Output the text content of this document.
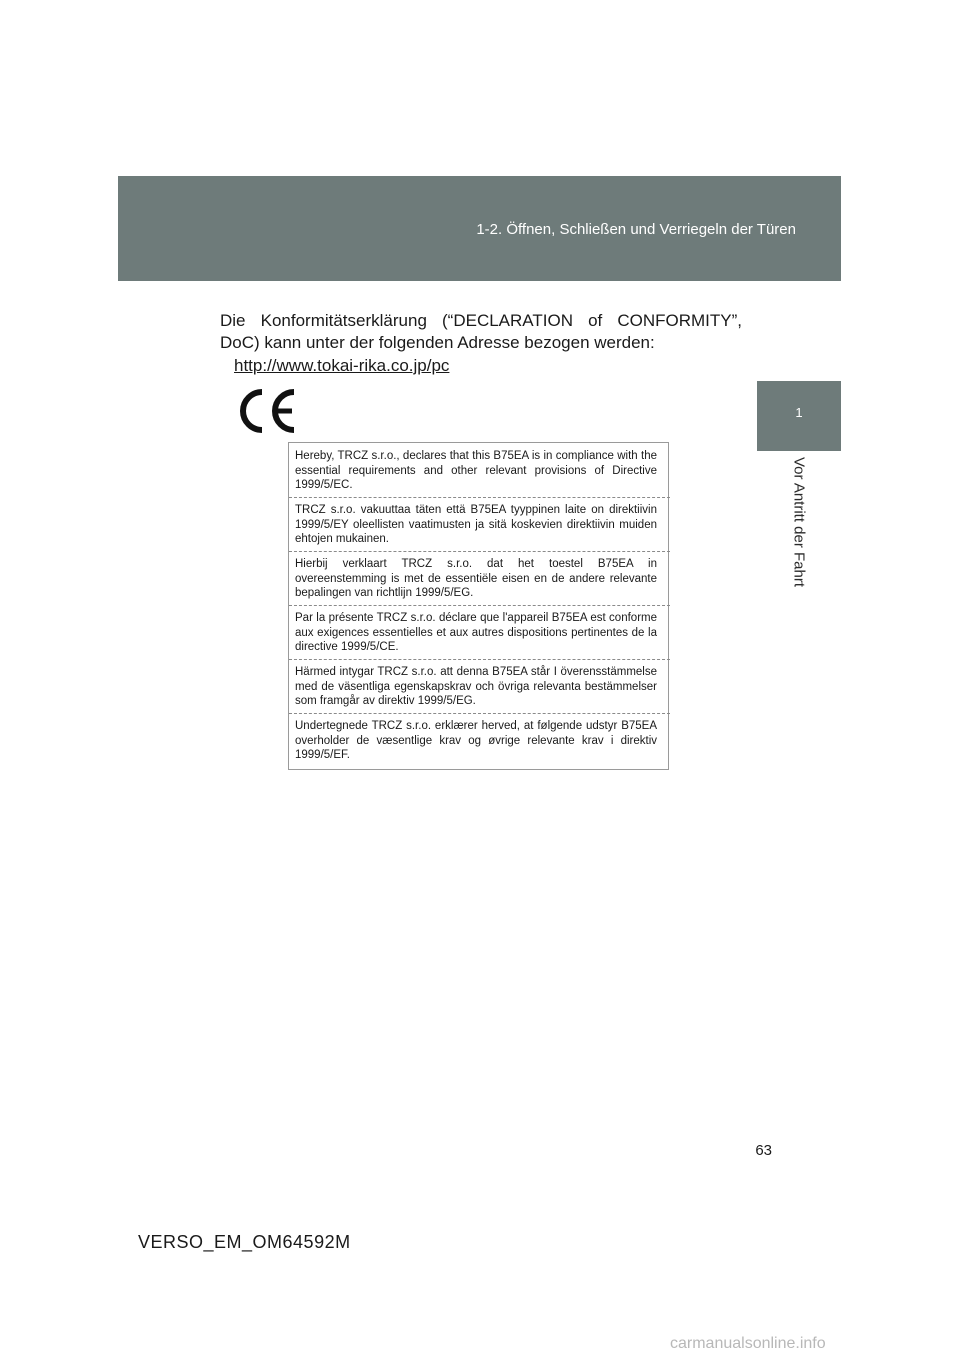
1-2. Öffnen, Schließen und Verriegeln der Türen
1
Vor Antritt der Fahrt
Die Konformitätserklärung (“DECLARATION of CONFORMITY”, DoC) kann unter der folgenden Adresse bezogen werden:
http://www.tokai-rika.co.jp/pc
Hereby, TRCZ s.r.o., declares that this B75EA is in compliance with the essential requirements and other relevant provisions of Directive 1999/5/EC.
TRCZ s.r.o. vakuuttaa täten että B75EA tyyppinen laite on direktiivin 1999/5/EY oleellisten vaatimusten ja sitä koskevien direktiivin muiden ehtojen mukainen.
Hierbij verklaart TRCZ s.r.o. dat het toestel B75EA in overeenstemming is met de essentiële eisen en de andere relevante bepalingen van richtlijn 1999/5/EG.
Par la présente TRCZ s.r.o. déclare que l'appareil B75EA est conforme aux exigences essentielles et aux autres dispositions pertinentes de la directive 1999/5/CE.
Härmed intygar TRCZ s.r.o. att denna B75EA står I överensstämmelse med de väsentliga egenskapskrav och övriga relevanta bestämmelser som framgår av direktiv 1999/5/EG.
Undertegnede TRCZ s.r.o. erklærer herved, at følgende udstyr B75EA overholder de væsentlige krav og øvrige relevante krav i direktiv 1999/5/EF.
63
VERSO_EM_OM64592M
carmanualsonline.info
